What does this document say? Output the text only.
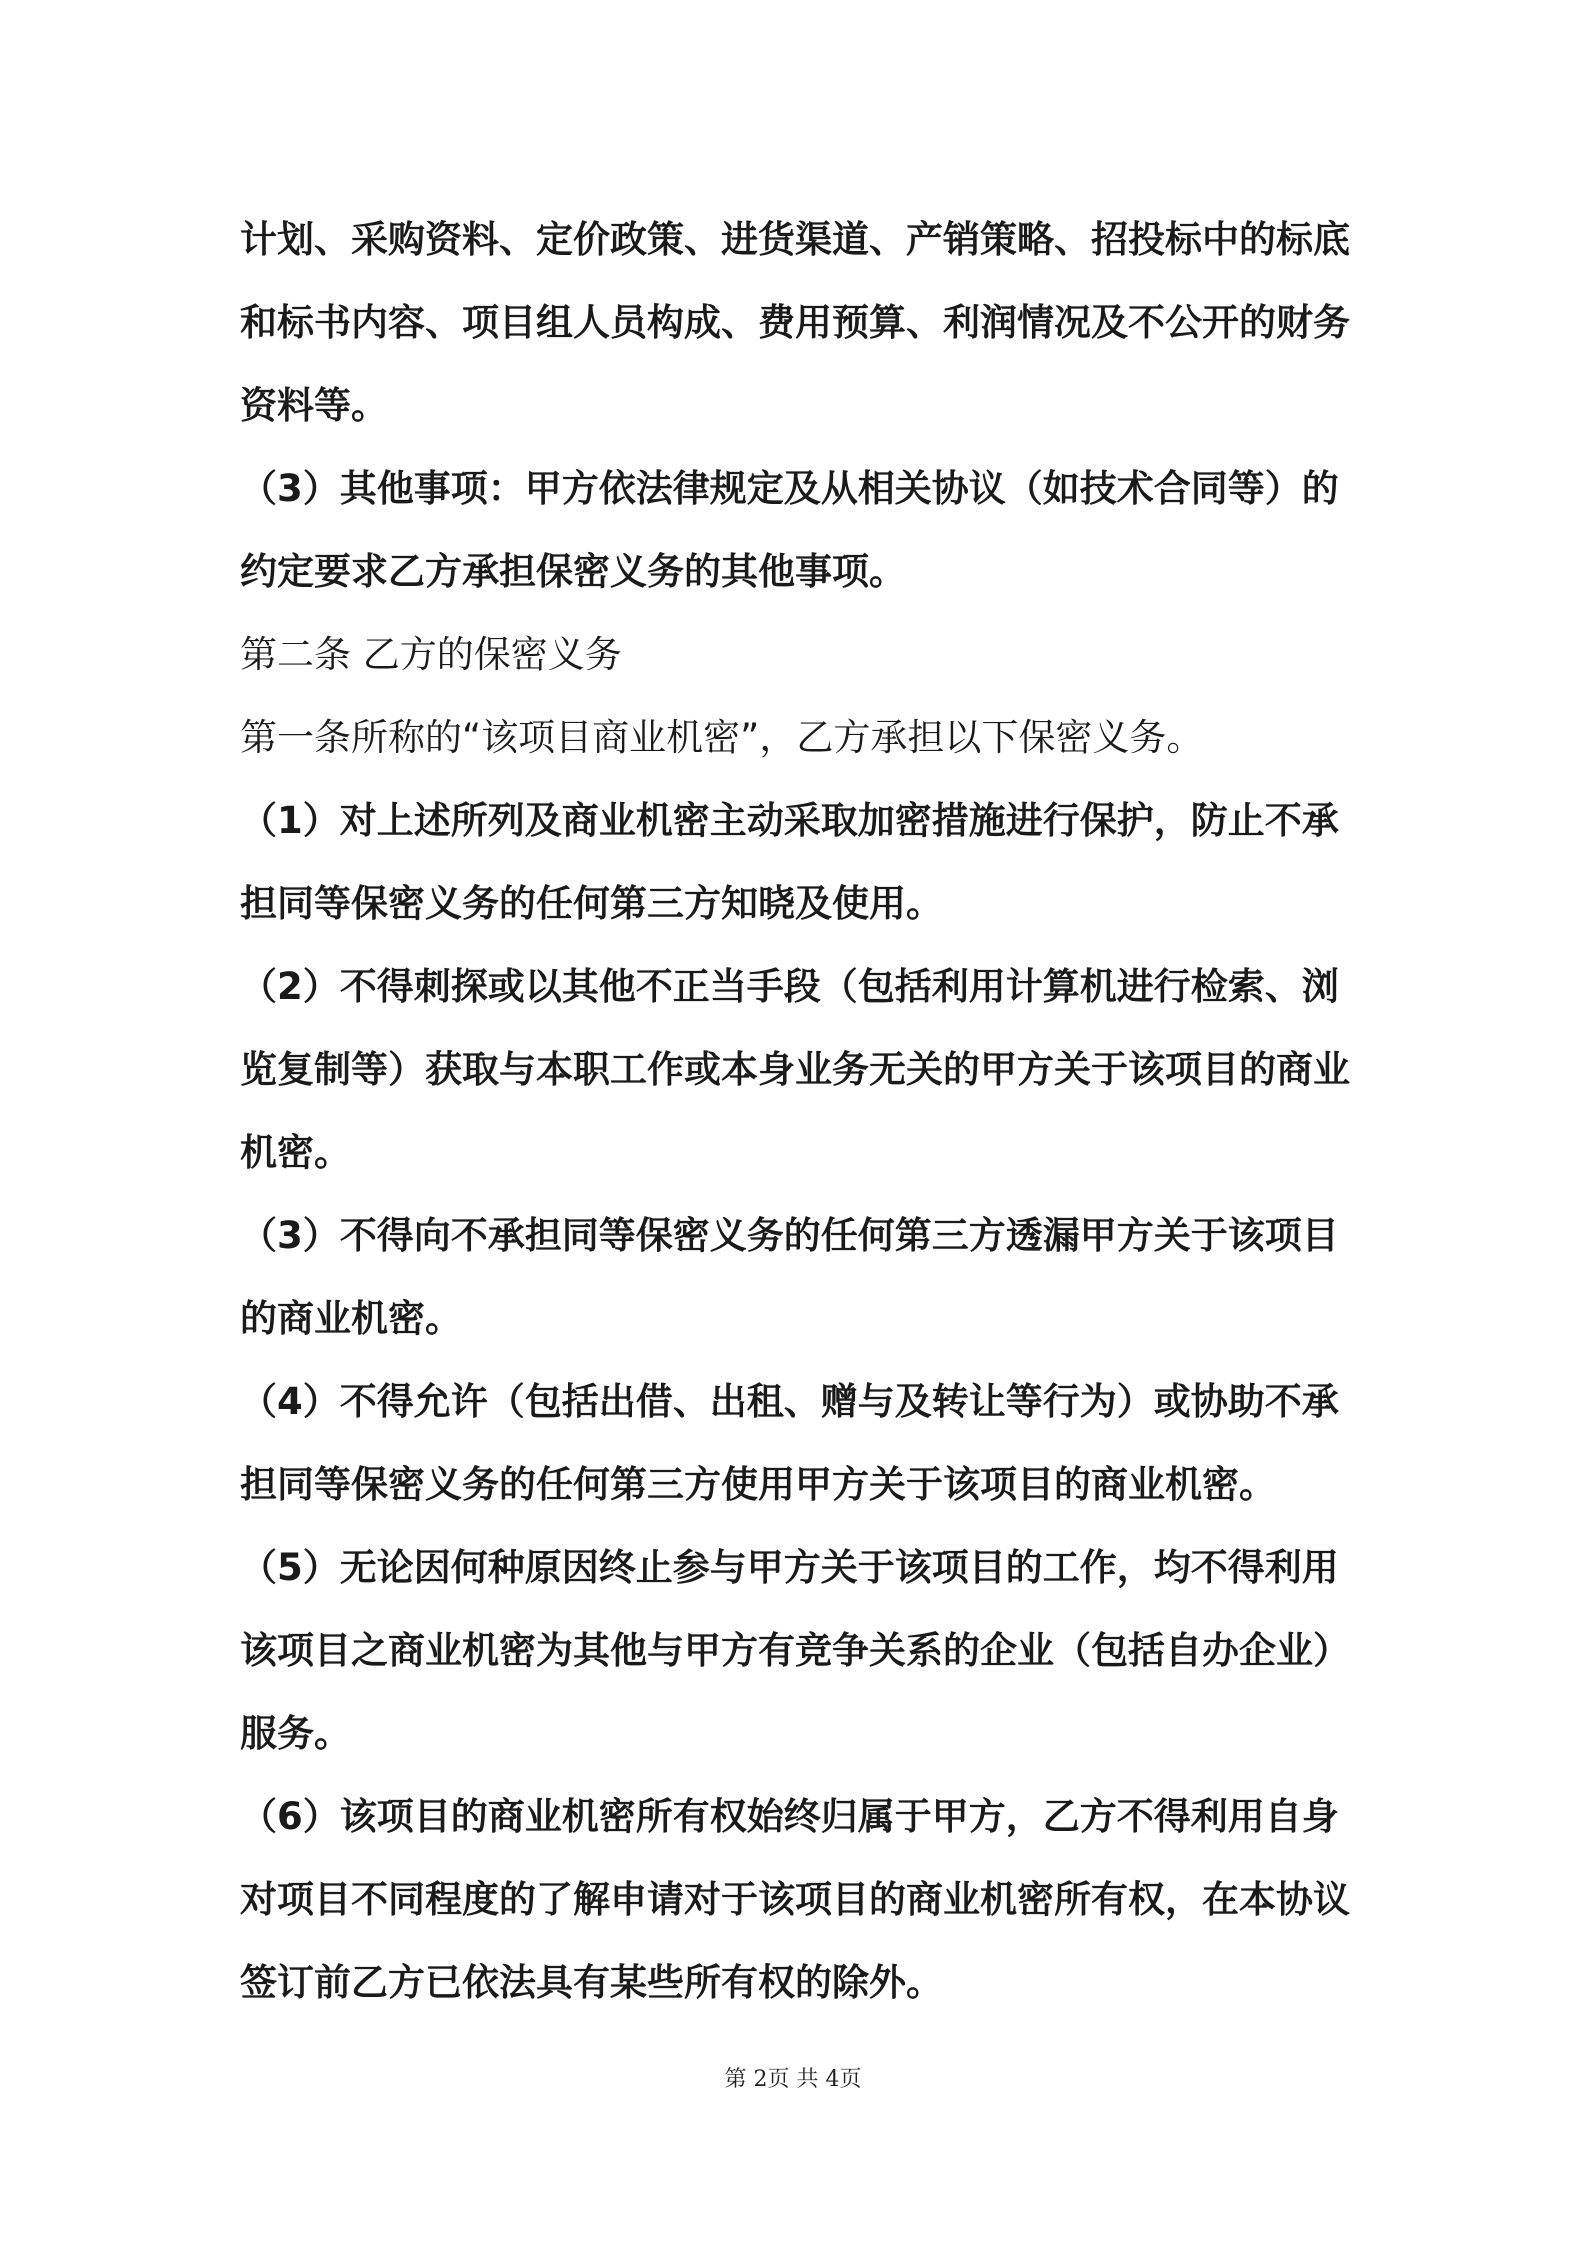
计划、采购资料、定价政策、进货渠道、产销策略、招投标中的标底
和标书内容、项目组人员构成、费用预算、利润情况及不公开的财务
资料等。
（3）其他事项：甲方依法律规定及从相关协议（如技术合同等）的
约定要求乙方承担保密义务的其他事项。
第二条 乙方的保密义务
第一条所称的“该项目商业机密”，乙方承担以下保密义务。
（1）对上述所列及商业机密主动采取加密措施进行保护，防止不承
担同等保密义务的任何第三方知晓及使用。
（2）不得刺探或以其他不正当手段（包括利用计算机进行检索、浏
览复制等）获取与本职工作或本身业务无关的甲方关于该项目的商业
机密。
（3）不得向不承担同等保密义务的任何第三方透漏甲方关于该项目
的商业机密。
（4）不得允许（包括出借、出租、赠与及转让等行为）或协助不承
担同等保密义务的任何第三方使用甲方关于该项目的商业机密。
（5）无论因何种原因终止参与甲方关于该项目的工作，均不得利用
该项目之商业机密为其他与甲方有竞争关系的企业（包括自办企业）
服务。
（6）该项目的商业机密所有权始终归属于甲方，乙方不得利用自身
对项目不同程度的了解申请对于该项目的商业机密所有权，在本协议
签订前乙方已依法具有某些所有权的除外。
第 2页 共 4页
